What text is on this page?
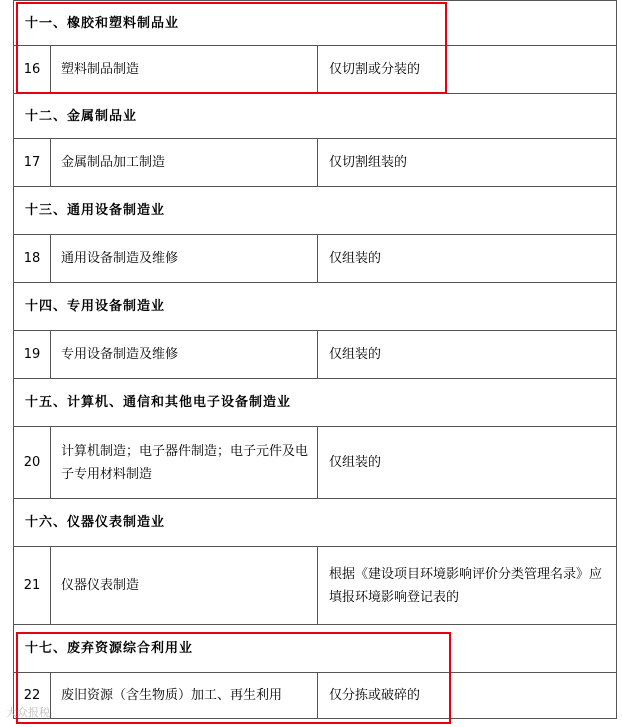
十一、橡胶和塑料制品业		
16	塑料制品制造	仅切割或分装的
十二、金属制品业		
17	金属制品加工制造	仅切割组装的
十三、通用设备制造业		
18	通用设备制造及维修	仅组装的
十四、专用设备制造业		
19	专用设备制造及维修	仅组装的
十五、计算机、通信和其他电子设备制造业		
20	计算机制造；电子器件制造；电子元件及电子专用材料制造	仅组装的
十六、仪器仪表制造业		
21	仪器仪表制造	根据《建设项目环境影响评价分类管理名录》应填报环境影响登记表的
十七、废弃资源综合利用业		
22	废旧资源（含生物质）加工、再生利用	仅分拣或破碎的
大众报税
